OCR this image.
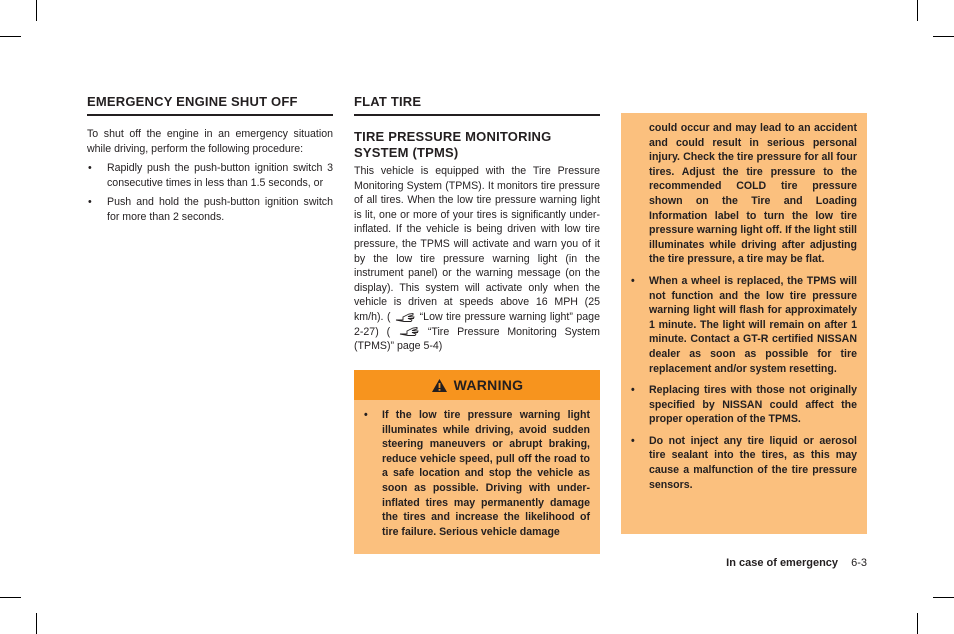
EMERGENCY ENGINE SHUT OFF

To shut off the engine in an emergency situation while driving, perform the following procedure:

• Rapidly push the push-button ignition switch 3 consecutive times in less than 1.5 seconds, or
• Push and hold the push-button ignition switch for more than 2 seconds.
FLAT TIRE
TIRE PRESSURE MONITORING SYSTEM (TPMS)

This vehicle is equipped with the Tire Pressure Monitoring System (TPMS). It monitors tire pressure of all tires. When the low tire pressure warning light is lit, one or more of your tires is significantly under-inflated. If the vehicle is being driven with low tire pressure, the TPMS will activate and warn you of it by the low tire pressure warning light (in the instrument panel) or the warning message (on the display). This system will activate only when the vehicle is driven at speeds above 16 MPH (25 km/h). (	“Low tire pressure warning light” page 2-27) (	“Tire Pressure Monitoring System (TPMS)” page 5-4)

WARNING
• If the low tire pressure warning light illuminates while driving, avoid sudden steering maneuvers or abrupt braking, reduce vehicle speed, pull off the road to a safe location and stop the vehicle as soon as possible. Driving with under-inflated tires may permanently damage the tires and increase the likelihood of tire failure. Serious vehicle damage

could occur and may lead to an accident and could result in serious personal injury. Check the tire pressure for all four tires. Adjust the tire pressure to the recommended COLD tire pressure shown on the Tire and Loading Information label to turn the low tire pressure warning light off. If the light still illuminates while driving after adjusting the tire pressure, a tire may be flat.

• When a wheel is replaced, the TPMS will not function and the low tire pressure warning light will flash for approximately 1 minute. The light will remain on after 1 minute. Contact a GT-R certified NISSAN dealer as soon as possible for tire replacement and/or system resetting.
• Replacing tires with those not originally specified by NISSAN could affect the proper operation of the TPMS.
• Do not inject any tire liquid or aerosol tire sealant into the tires, as this may cause a malfunction of the tire pressure sensors.
In case of emergency 6-3
